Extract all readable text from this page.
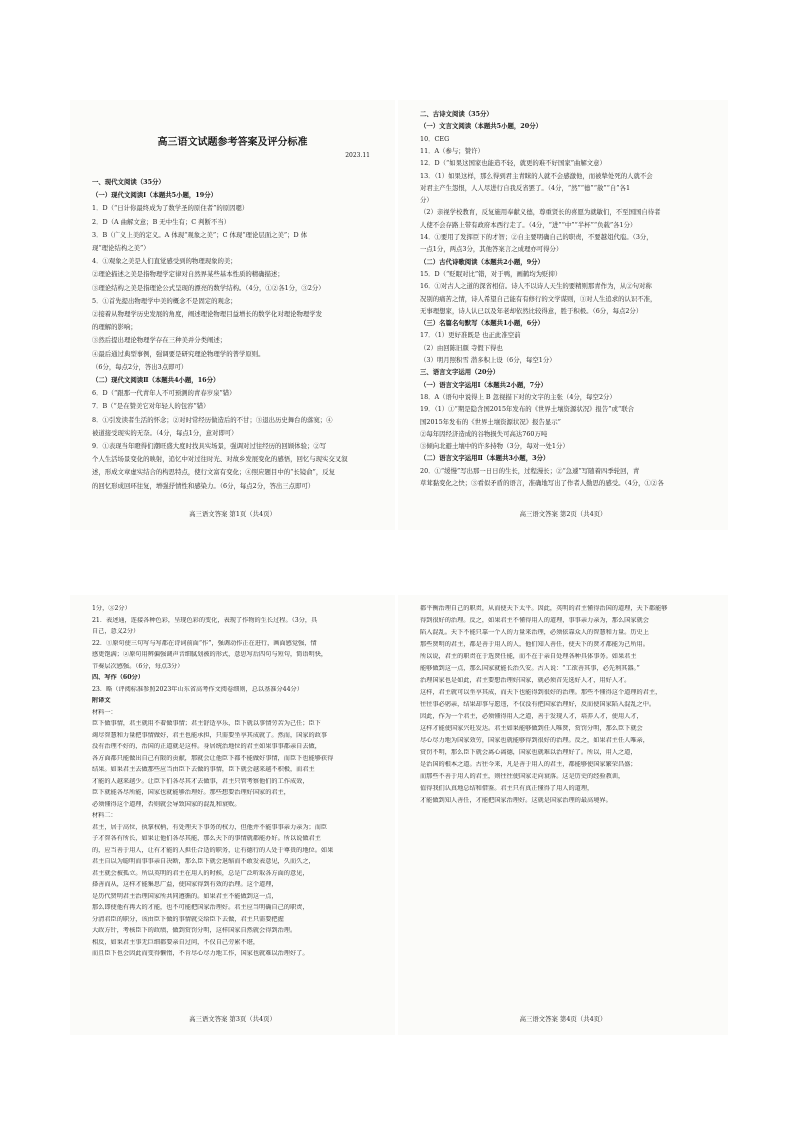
高三语文试题参考答案及评分标准
2023.11
一、现代文阅读（35分）
（一）现代文阅读Ⅰ（本题共5小题，19分）
1．D（“日计你最终成为了数学圣的原住者”的原因嗯）
2．D（A 曲解文意；B 无中生有；C 判断不当）
3．B（广义上美的定义。A 体现“观象之美”；C 体现“理论层面之美”；D 体
现“理论结构之美”）
4．①观象之美是人们直觉感受到的物理现象的美；
②理论描述之美是指物理学定律对自然界某些基本性质的精确描述；
③理论结构之美是指理论公式呈现的漂亮的数学结构。（4分，①②各1分，③2分）
5．①首先提出物理学中美的概念不是固定的观念；
②接着从物理学历史发展的角度，阐述理论物理目益增长的数学化对理论物理学发
的理解的影响；
③然后提出理论物理学存在三种美并分类阐述；
④最后通过典型事例，强调要是研究理论物理学的普学原则。
（6分，每点2分，答出3点即可）
（二）现代文阅读Ⅱ（本题共4小题，16分）
6．D（“跟那一代青年人不可预测的青春岁泉”错）
7．B（“是在赞美它对年轻人的包容”错）
8．①引发读者生活的怀念；②对时常经历做造后的不甘；③退出历史舞台的落寞；④
被道接受现实的无奈。（4分，每点1分，意对即可）
9．①表现当年瞪得们潮旺盛大度时找具实场景，强调对过往经历的回顾体验；②写
个人生活场景变化的映射，追忆中对过往时光、对故乡发展变化的感悟，回忆与现实交叉叙
述，形成文章虚实结合的构思特点，使行文富有变化；④照应题目中的“长镜俞”，反复
的回忆形成回环往复，增强抒情性和感染力。（6分，每点2分，答出三点即可）
高三语文答案 第1页（共4页）
二、古诗文阅读（35分）
（一）文言文阅读（本题共5小题，20分）
10．CEG
11．A（参与；赞许）
12．D（“如果这国家也能造不轻，就更的难不好国家”曲解文意）
13．（1）如果这样，那么得到君主青睐的人就不会感激他，而被挚处死的人就不会
对君主产生怨恨，人人尽进行自我反省罢了。（4分，“然”“德”“赦”“自”各1
分）
（2）亲视学校教育，反复施用奉献义德，尊重贤长的喜愿为就敏们，不至国国自待者
人使不会存路上带有政府本西行走了。（4分，“进”“中”“半杯”“负载”各1分）
14．①要用了发挥臣下的才智；②自主要明确自己的职责，不要越俎代庖。（3分，
一点1分，两点3分，其他答案言之成理亦可得分）
（二）古代诗歌阅读（本题共2小题，9分）
15．D（“贬眠对比”错，对于鸭，画鹤均为贬抑）
16．①对古人之道的深省相信。诗人不以诗人天生的要精则那青作为，从②句对称
况别的痛苦之情，诗人希望自己能有有修行的文学谋则，③对人生追求的认识不准，
无事理想家，诗人认已以及年老却依然比较得意，胜于积极。（6分，每点2分）
（三）名篇名句默写（本题共1小题，6分）
17．（1）更好准既是 也正此准空前
（2）由回陈旧颜 寺假下得也
（3）明月照积雪 潜多积上设（6分，每空1分）
三、语言文字运用（20分）
（一）语言文字运用Ⅰ（本题共2小题，7分）
18．A（语句中说得上 B 忽视描下对的文字的主张（4分，每空2分）
19．（1）①“期是隐含国2015年发布的《世界土壤资源状况》报告”或“联合
国2015年发布的《世界土壤资源状况》报告显示”
②每年因经济造成的谷物损失可高达760万吨
③倾向北避土壤中的许多持物（3分，每对一处1分）
（二）语言文字运用Ⅱ（本题共3小题，3分）
20．①“缓慢”写出那一日日的生长，过程漫长；②“急遽”写随着四季轮回，青
草茸黏变化之快；③看似矛盾的语言，准确地写出了作者人勤思的感受。（4分，①②各
高三语文答案 第2页（共4页）
1分，③2分）
21．表述通，连接各种色彩，呈现色彩的变化，表现了作物的生长过程。（3分，具
自己，意义2分）
22．①原句使三句写与写都在诗词前面“作”，强调动作正在进行，画面感觉强，情
感更饱满；②原句用辨偏强调声音细腻划被的形式，意思写后四句与短句，简语明快，
节奏层次感强。（6分，每点3分）
四、写作（60分）
23．略（评阅标准参照2023年山东省高考作文阅卷细则，总以基准分44分）
附译文
材料一：
臣下做事情，君主就用不着做事情；君主舒适享乐，臣下就以事情劳苦为己任；臣下
竭尽智慧和力量把事情做好，君主也能承担，只需要坐享其成就了。然而，国家的政事
没有治理不好的，治国的正道就是这样。身居统治地位的君主如果事事都亲自去做，
各方面都只能做出自己有限的贡献，那就会让他臣下都不能做好事情，而臣下也能够获得
结果。如果君主去做那些应当由臣下去做的事情，臣下就会越来越不积极，而君主
才能的人越来越少。让臣下们各尽其才去做事，君主只管考察他们的工作成效，
臣下就能各尽所能，国家也就能够治理好。那些想要治理好国家的君主，
必须懂得这个道理，否则就会导致国家的混乱和衰败。
材料二：
君主，居于高位，执掌权柄，有处理天下事务的权力，但他并不能事事亲力亲为；而臣
子才智各有所长，如果让他们各尽其能，那么天下的事情就都能办好。所以说做君主
的，应当善于用人，让有才能的人担任合适的职务，让有德行的人处于尊贵的地位。如果
君主自以为聪明而事事亲自决断，那么臣下就会退缩而不敢发表意见，久而久之，
君主就会被孤立。所以英明的君主在用人的时候，总是广泛听取各方面的意见，
择善而从，这样才能集思广益，使国家得到有效的治理。这个道理，
是历代贤明君主治理国家所共同遵循的。如果君主不能做到这一点，
那么即使他有再大的才能，也不可能把国家治理好。君主应当明确自己的职责，
分清君臣的职分，该由臣下做的事情就交给臣下去做，君主只需要把握
大政方针，考核臣下的政绩，做到赏罚分明，这样国家自然就会得到治理。
相反，如果君主事无巨细都要亲自过问，不仅自己劳累不堪，
而且臣下也会因此而变得懒惰，不肯尽心尽力地工作，国家也就难以治理好了。
高三语文答案 第3页（共4页）
都平衡治理自己的职责，从而使天下太平。因此，英明的君主懂得治国的道理，天下都能够
得到很好的治理。反之，如果君主不懂得用人的道理，事事亲力亲为，那么国家就会
陷入混乱。天下不能只靠一个人的力量来治理，必须依靠众人的智慧和力量。历史上
那些贤明的君主，都是善于用人的人，他们知人善任，使天下的贤才都能为己所用。
所以说，君主的职责在于选贤任能，而不在于亲自处理各种具体事务。如果君主
能够做到这一点，那么国家就能长治久安。古人说：“工欲善其事，必先利其器。”
治理国家也是如此，君主要想治理好国家，就必须首先选好人才，用好人才。
这样，君主就可以坐享其成，而天下也能得到很好的治理。那些不懂得这个道理的君主，
往往事必躬亲，结果却事与愿违，不仅没有把国家治理好，反而使国家陷入混乱之中。
因此，作为一个君主，必须懂得用人之道，善于发现人才，培养人才，使用人才，
这样才能使国家兴旺发达。君主如果能够做到任人唯贤，赏罚分明，那么臣下就会
尽心尽力地为国家效劳，国家也就能够得到很好的治理。反之，如果君主任人唯亲，
赏罚不明，那么臣下就会离心离德，国家也就难以治理好了。所以，用人之道，
是治国的根本之道。古往今来，凡是善于用人的君主，都能够使国家繁荣昌盛；
而那些不善于用人的君主，则往往使国家走向衰落。这是历史的经验教训，
值得我们认真地总结和借鉴。君主只有真正懂得了用人的道理，
才能做到知人善任，才能把国家治理好。这就是国家治理的最高境界。
高三语文答案 第4页（共4页）
